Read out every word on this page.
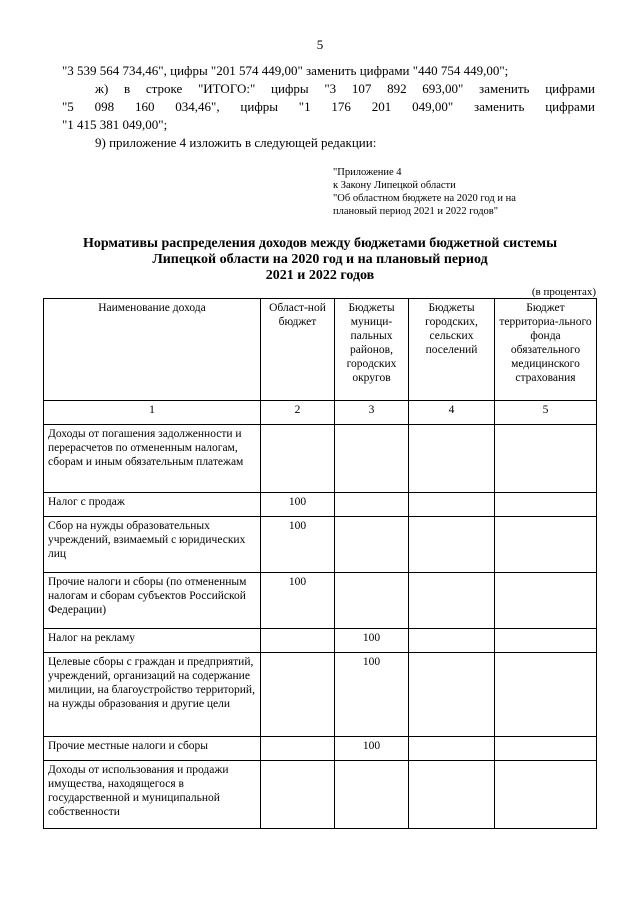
5
"3 539 564 734,46", цифры "201 574 449,00" заменить цифрами "440 754 449,00";
ж) в строке "ИТОГО:" цифры "3 107 892 693,00" заменить цифрами
"5 098 160 034,46", цифры "1 176 201 049,00" заменить цифрами
"1 415 381 049,00";
9) приложение 4 изложить в следующей редакции:
"Приложение 4
к Закону Липецкой области
"Об областном бюджете на 2020 год и на
плановый период 2021 и 2022 годов"
Нормативы распределения доходов между бюджетами бюджетной системы
Липецкой области на 2020 год и на плановый период
2021 и 2022 годов
(в процентах)
Наименование дохода	Област-ной бюджет	Бюджеты муници-пальных районов, городских округов	Бюджеты городских, сельских поселений	Бюджет территориа-льного фонда обязательного медицинского страхования
1	2	3	4	5
Доходы от погашения задолженности и перерасчетов по отмененным налогам, сборам и иным обязательным платежам				
Налог с продаж	100			
Сбор на нужды образовательных учреждений, взимаемый с юридических лиц	100			
Прочие налоги и сборы (по отмененным налогам и сборам субъектов Российской Федерации)	100			
Налог на рекламу		100		
Целевые сборы с граждан и предприятий, учреждений, организаций на содержание милиции, на благоустройство территорий, на нужды образования и другие цели		100		
Прочие местные налоги и сборы		100		
Доходы от использования и продажи имущества, находящегося в государственной и муниципальной собственности				
